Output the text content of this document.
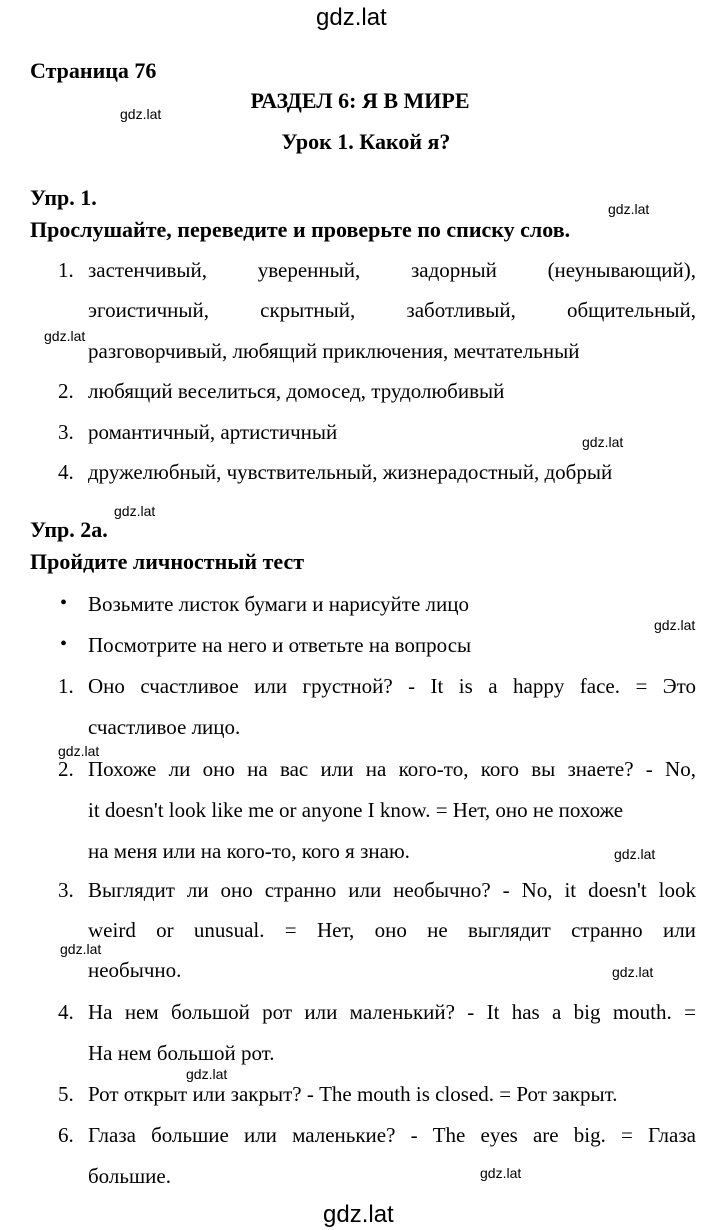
gdz.lat
gdz.lat
gdz.lat
gdz.lat
gdz.lat
gdz.lat
gdz.lat
gdz.lat
gdz.lat
gdz.lat
gdz.lat
gdz.lat
gdz.lat
gdz.lat
Страница 76
РАЗДЕЛ 6: Я В МИРЕ
Урок 1. Какой я?
Упр. 1.
Прослушайте, переведите и проверьте по списку слов.
1. застенчивый, уверенный, задорный (неунывающий),
эгоистичный, скрытный, заботливый, общительный,
разговорчивый, любящий приключения, мечтательный
2. любящий веселиться, домосед, трудолюбивый
3. романтичный, артистичный
4. дружелюбный, чувствительный, жизнерадостный, добрый
Упр. 2а.
Пройдите личностный тест
• Возьмите листок бумаги и нарисуйте лицо
• Посмотрите на него и ответьте на вопросы
1. Оно счастливое или грустной? - It is a happy face. = Это
счастливое лицо.
2. Похоже ли оно на вас или на кого-то, кого вы знаете? - No,
it doesn't look like me or anyone I know. = Нет, оно не похоже
на меня или на кого-то, кого я знаю.
3. Выглядит ли оно странно или необычно? - No, it doesn't look
weird or unusual. = Нет, оно не выглядит странно или
необычно.
4. На нем большой рот или маленький? - It has a big mouth. =
На нем большой рот.
5. Рот открыт или закрыт? - The mouth is closed. = Рот закрыт.
6. Глаза большие или маленькие? - The eyes are big. = Глаза
большие.
